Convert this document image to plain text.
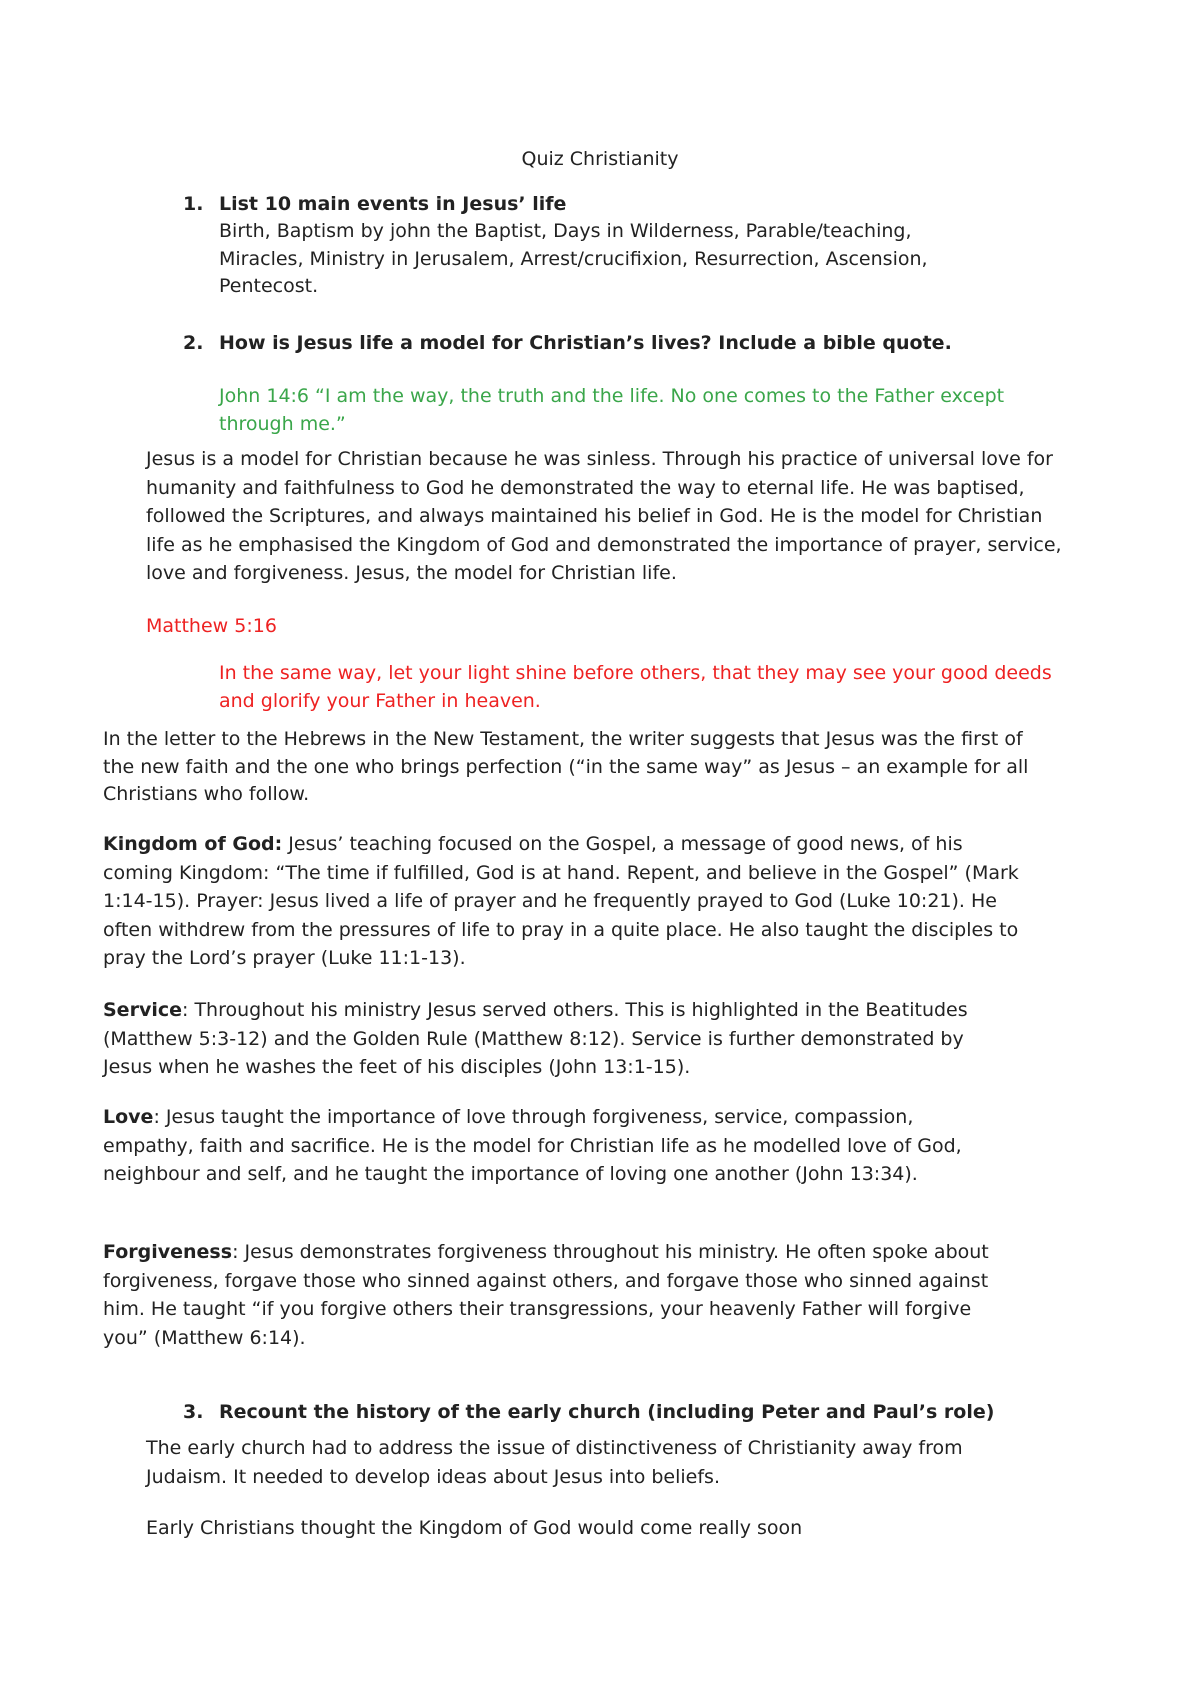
Quiz Christianity
1. List 10 main events in Jesus’ life

Birth, Baptism by john the Baptist, Days in Wilderness, Parable/teaching, Miracles, Ministry in Jerusalem, Arrest/crucifixion, Resurrection, Ascension, Pentecost.

2. How is Jesus life a model for Christian’s lives? Include a bible quote.

John 14:6 “I am the way, the truth and the life. No one comes to the Father except through me.”

Jesus is a model for Christian because he was sinless. Through his practice of universal love for humanity and faithfulness to God he demonstrated the way to eternal life. He was baptised, followed the Scriptures, and always maintained his belief in God. He is the model for Christian life as he emphasised the Kingdom of God and demonstrated the importance of prayer, service, love and forgiveness. Jesus, the model for Christian life.

Matthew 5:16

In the same way, let your light shine before others, that they may see your good deeds and glorify your Father in heaven.

In the letter to the Hebrews in the New Testament, the writer suggests that Jesus was the first of the new faith and the one who brings perfection (“in the same way” as Jesus – an example for all Christians who follow.

Kingdom of God: Jesus’ teaching focused on the Gospel, a message of good news, of his coming Kingdom: “The time if fulfilled, God is at hand. Repent, and believe in the Gospel” (Mark 1:14-15). Prayer: Jesus lived a life of prayer and he frequently prayed to God (Luke 10:21). He often withdrew from the pressures of life to pray in a quite place. He also taught the disciples to pray the Lord’s prayer (Luke 11:1-13).

Service: Throughout his ministry Jesus served others. This is highlighted in the Beatitudes (Matthew 5:3-12) and the Golden Rule (Matthew 8:12). Service is further demonstrated by Jesus when he washes the feet of his disciples (John 13:1-15).

Love: Jesus taught the importance of love through forgiveness, service, compassion, empathy, faith and sacrifice. He is the model for Christian life as he modelled love of God, neighbour and self, and he taught the importance of loving one another (John 13:34).

Forgiveness: Jesus demonstrates forgiveness throughout his ministry. He often spoke about forgiveness, forgave those who sinned against others, and forgave those who sinned against him. He taught “if you forgive others their transgressions, your heavenly Father will forgive you” (Matthew 6:14).

3. Recount the history of the early church (including Peter and Paul’s role)

The early church had to address the issue of distinctiveness of Christianity away from Judaism. It needed to develop ideas about Jesus into beliefs.

Early Christians thought the Kingdom of God would come really soon
